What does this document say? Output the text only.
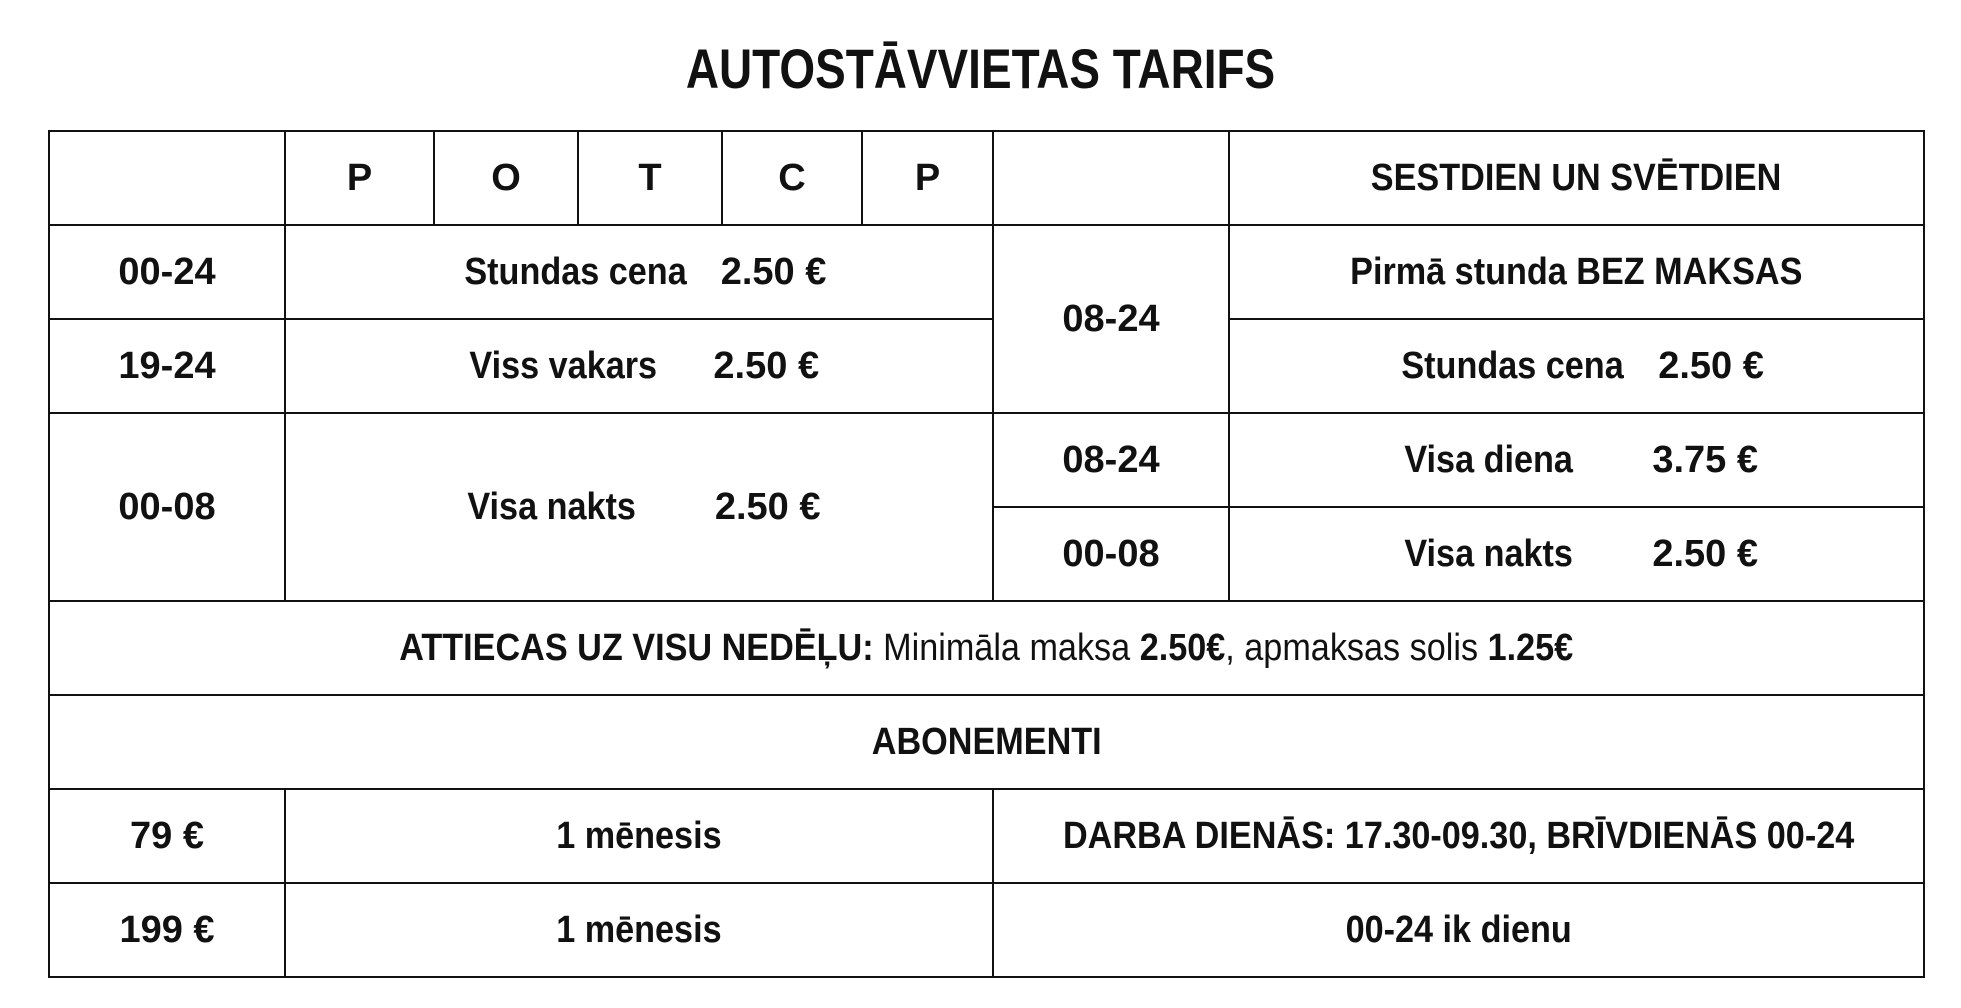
AUTOSTĀVVIETAS TARIFS
	P	O	T	C	P		SESTDIEN UN SVĒTDIEN
00-24	Stundas cena 2.50 €					08-24	Pirmā stunda BEZ MAKSAS
19-24	Viss vakars 2.50 €						Stundas cena 2.50 €

00-08	Visa nakts 2.50 €					08-24	Visa diena 3.75 €

						00-08	Visa nakts 2.50 €

ATTIECAS UZ VISU NEDĒĻU: Minimāla maksa 2.50€, apmaksas solis 1.25€							
ABONEMENTI							
79 €	1 mēnesis					DARBA DIENĀS: 17.30-09.30, BRĪVDIENĀS 00-24	
199 €	1 mēnesis					00-24 ik dienu	
